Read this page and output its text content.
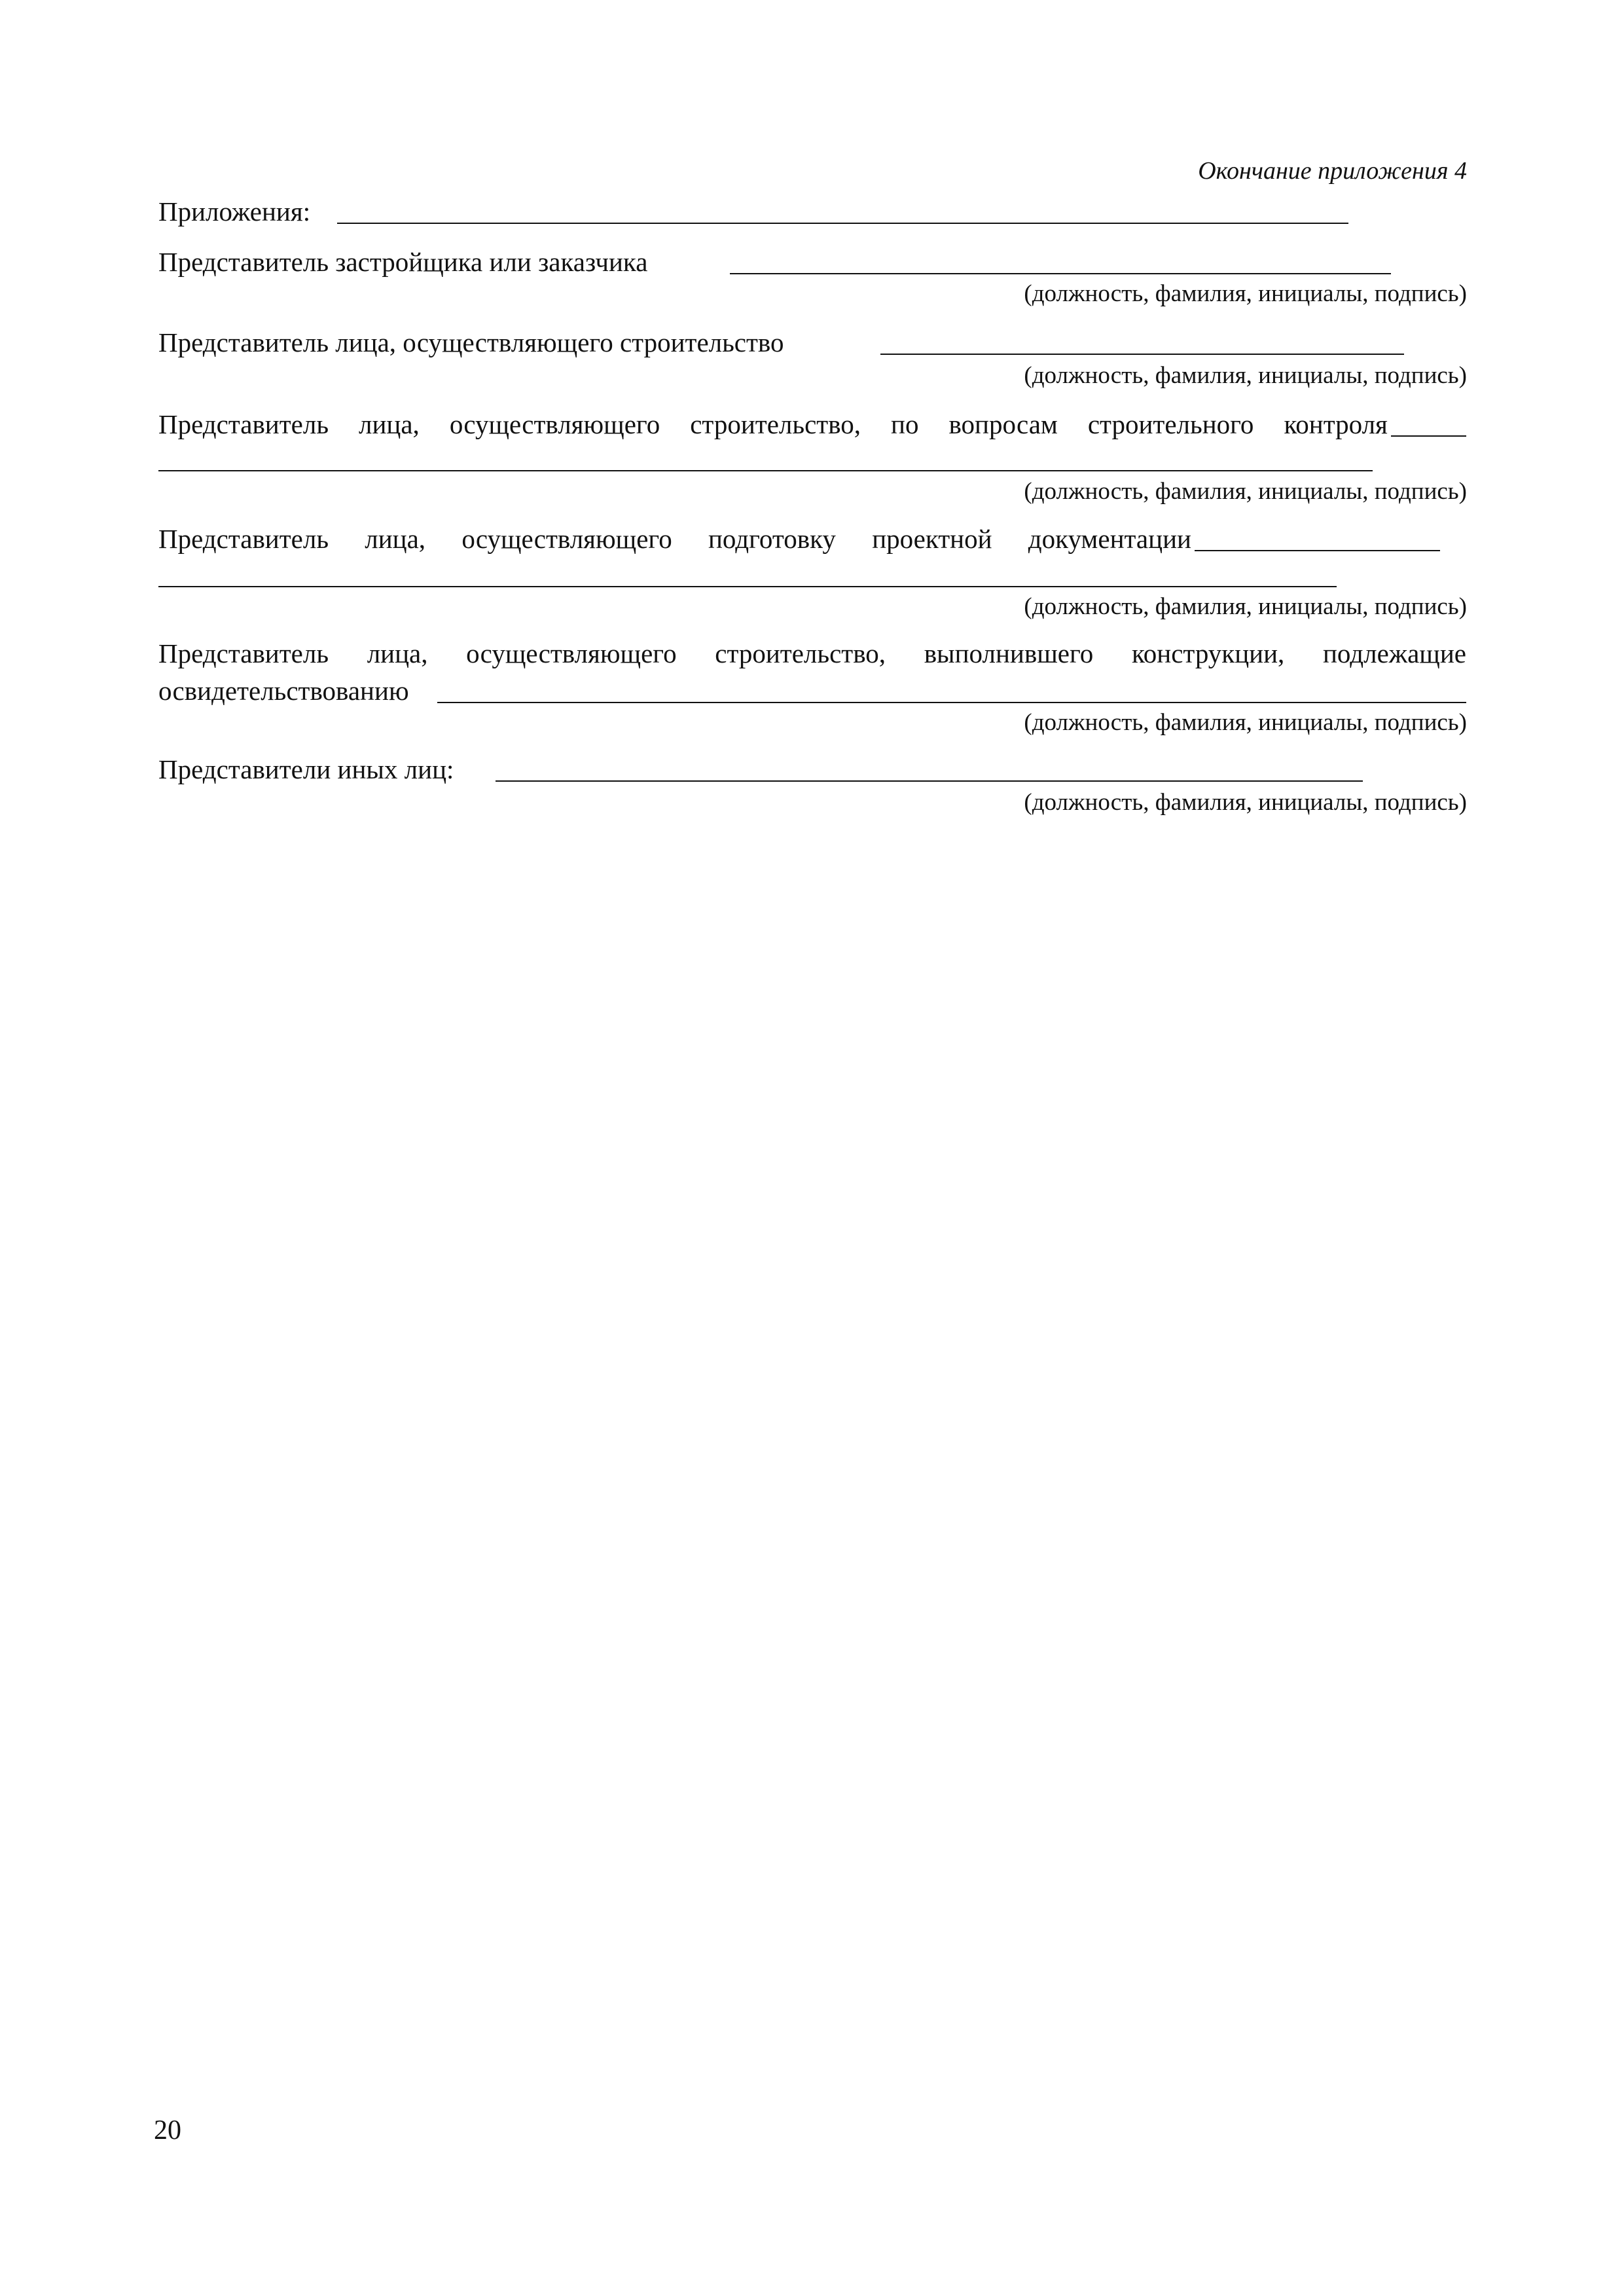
Окончание приложения 4
Приложения:
Представитель застройщика или заказчика
(должность, фамилия, инициалы, подпись)
Представитель лица, осуществляющего строительство
(должность, фамилия, инициалы, подпись)
Представитель лица, осуществляющего строительство, по вопросам строительного контроля
(должность, фамилия, инициалы, подпись)
Представитель лица, осуществляющего подготовку проектной документации
(должность, фамилия, инициалы, подпись)
Представитель лица, осуществляющего строительство, выполнившего конструкции, подлежащие
освидетельствованию
(должность, фамилия, инициалы, подпись)
Представители иных лиц:
(должность, фамилия, инициалы, подпись)
20
